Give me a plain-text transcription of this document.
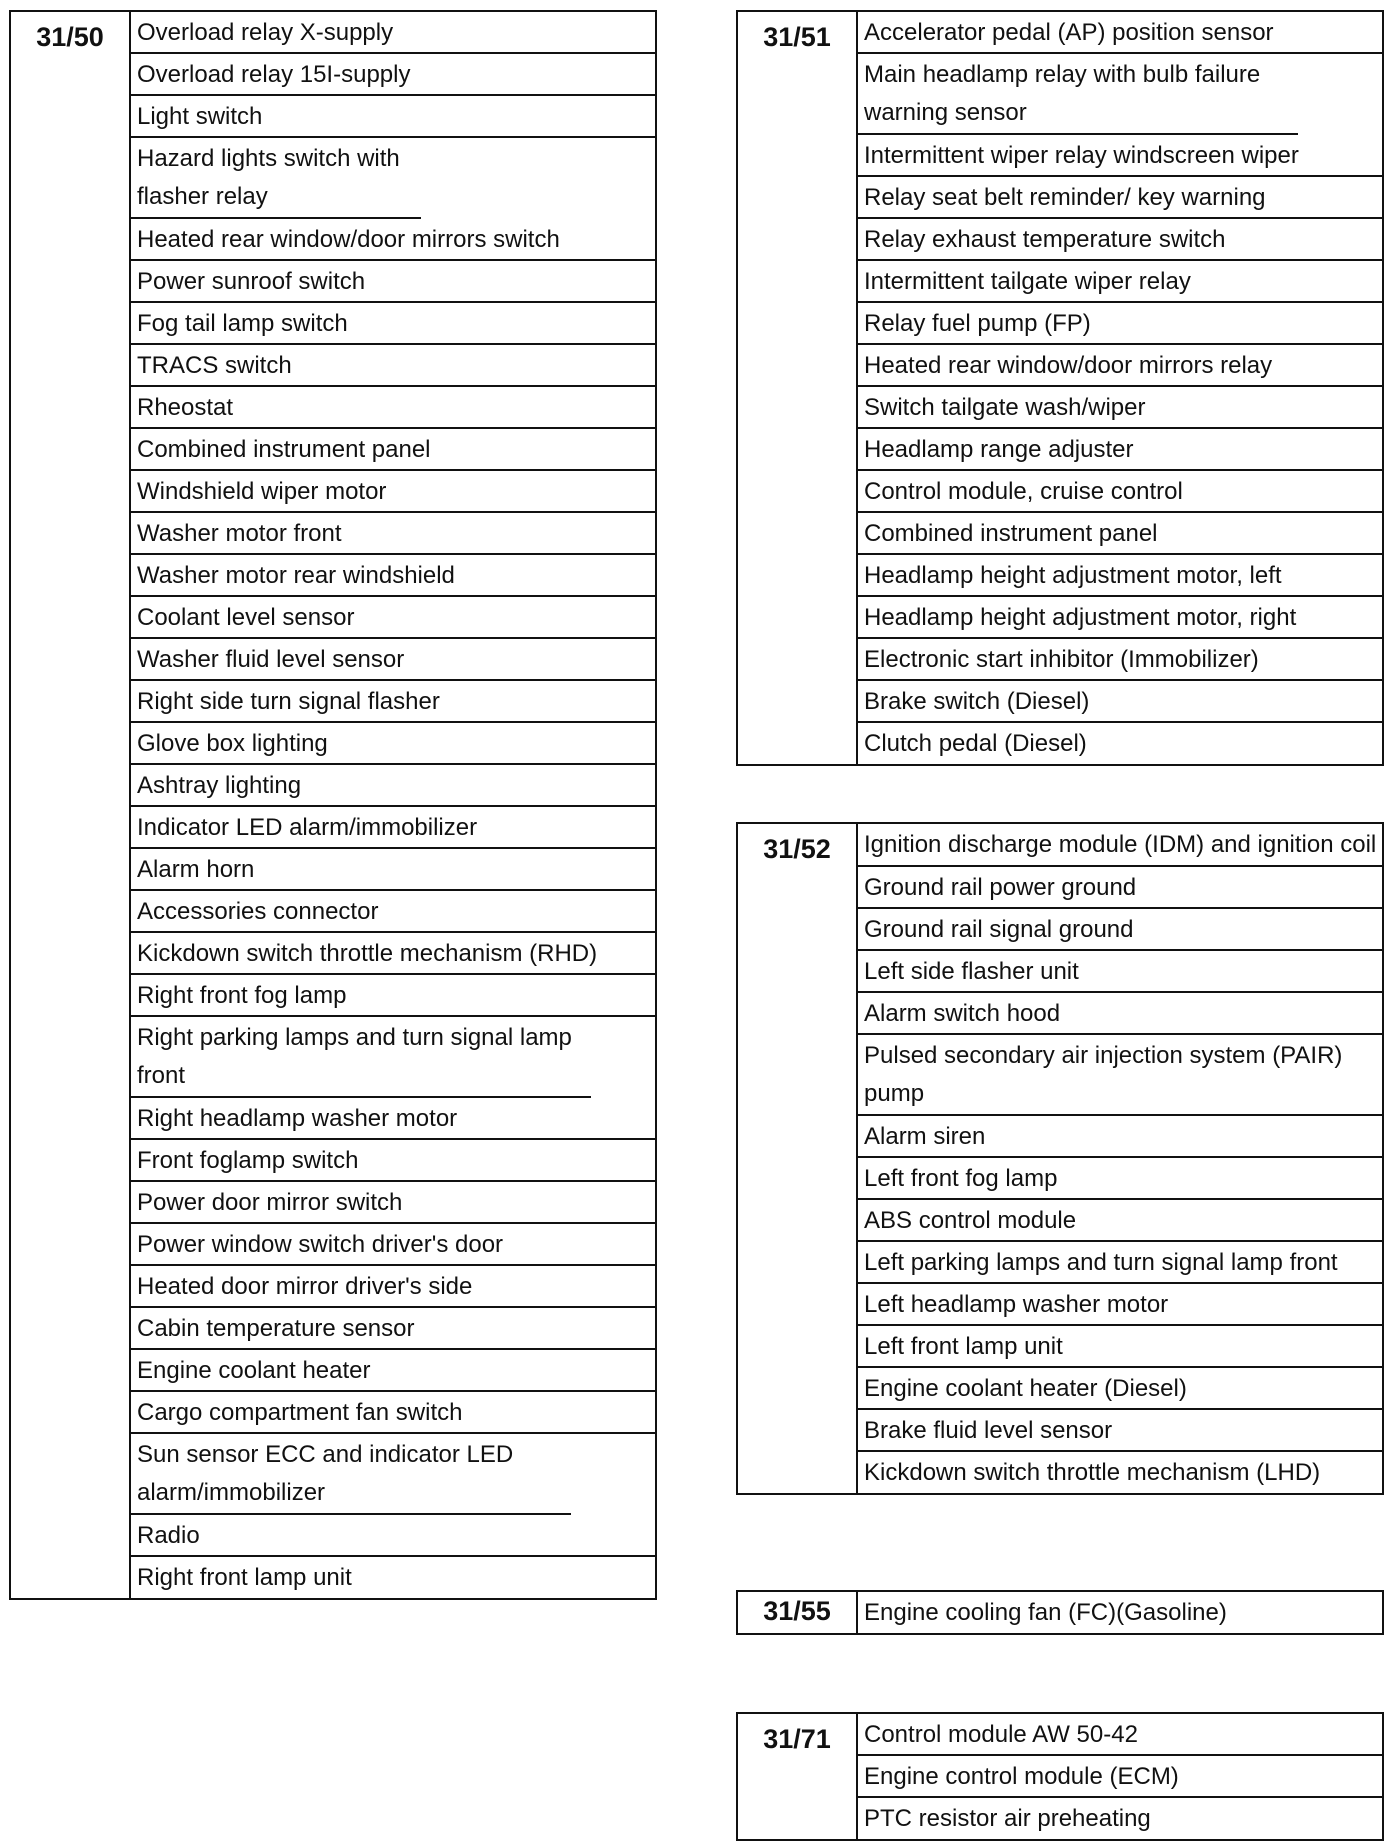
31/50	Overload relay X-supply
Overload relay 15I-supply
Light switch
Hazard lights switch with flasher relay
Heated rear window/door mirrors switch
Power sunroof switch
Fog tail lamp switch
TRACS switch
Rheostat
Combined instrument panel
Windshield wiper motor
Washer motor front
Washer motor rear windshield
Coolant level sensor
Washer fluid level sensor
Right side turn signal flasher
Glove box lighting
Ashtray lighting
Indicator LED alarm/immobilizer
Alarm horn
Accessories connector
Kickdown switch throttle mechanism (RHD)
Right front fog lamp
Right parking lamps and turn signal lamp front
Right headlamp washer motor
Front foglamp switch
Power door mirror switch
Power window switch driver's door
Heated door mirror driver's side
Cabin temperature sensor
Engine coolant heater
Cargo compartment fan switch
Sun sensor ECC and indicator LED alarm/immobilizer
Radio
Right front lamp unit
31/51	Accelerator pedal (AP) position sensor
Main headlamp relay with bulb failure warning sensor
Intermittent wiper relay windscreen wiper
Relay seat belt reminder/ key warning
Relay exhaust temperature switch
Intermittent tailgate wiper relay
Relay fuel pump (FP)
Heated rear window/door mirrors relay
Switch tailgate wash/wiper
Headlamp range adjuster
Control module, cruise control
Combined instrument panel
Headlamp height adjustment motor, left
Headlamp height adjustment motor, right
Electronic start inhibitor (Immobilizer)
Brake switch (Diesel)
Clutch pedal (Diesel)
31/52	Ignition discharge module (IDM) and ignition coil
Ground rail power ground
Ground rail signal ground
Left side flasher unit
Alarm switch hood
Pulsed secondary air injection system (PAIR) pump
Alarm siren
Left front fog lamp
ABS control module
Left parking lamps and turn signal lamp front
Left headlamp washer motor
Left front lamp unit
Engine coolant heater (Diesel)
Brake fluid level sensor
Kickdown switch throttle mechanism (LHD)
31/55	Engine cooling fan (FC)(Gasoline)
31/71	Control module AW 50-42
Engine control module (ECM)
PTC resistor air preheating
